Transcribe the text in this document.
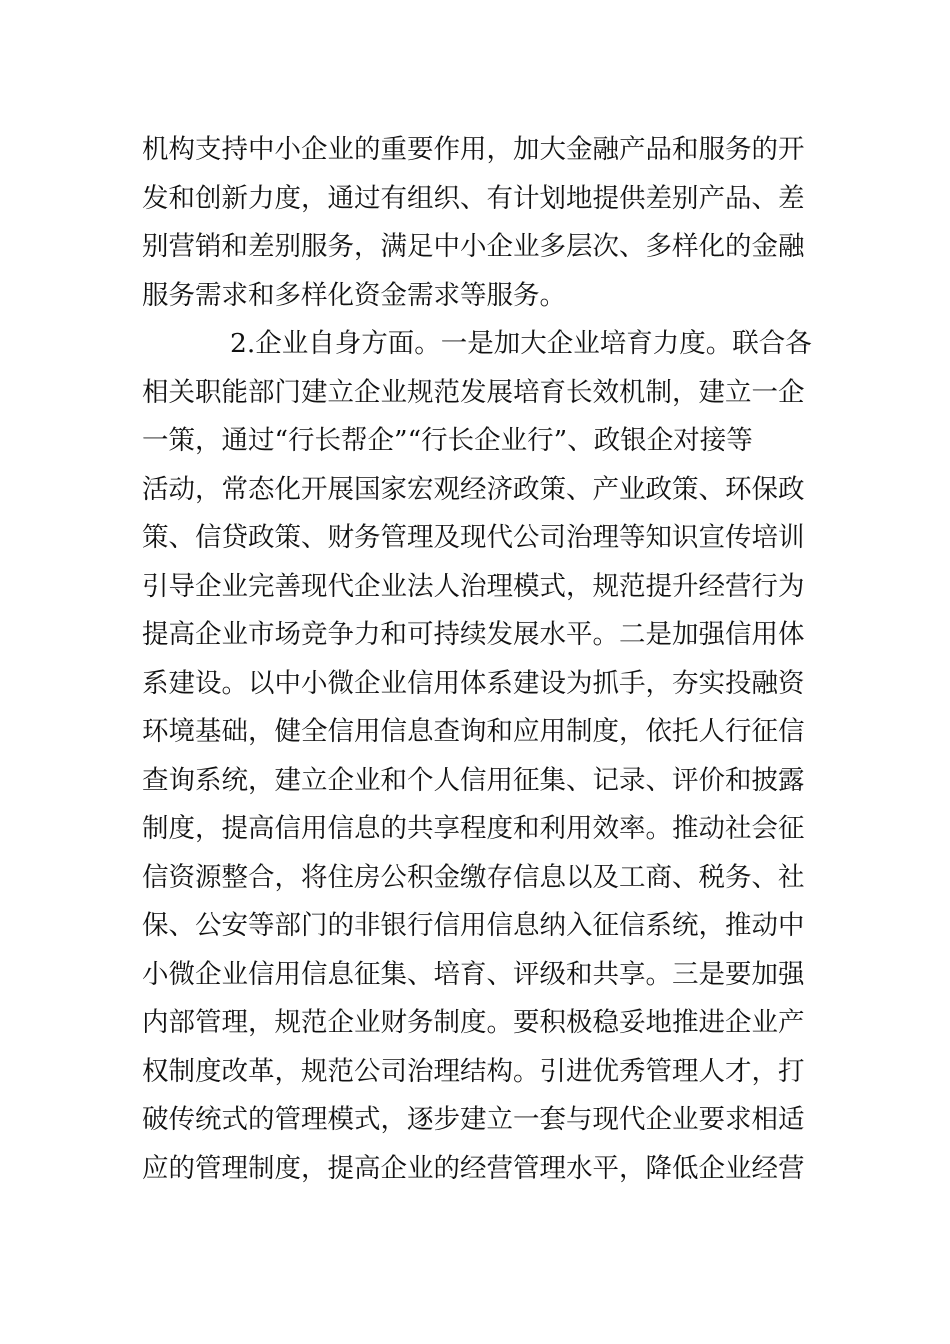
机构支持中小企业的重要作用，加大金融产品和服务的开
发和创新力度，通过有组织、有计划地提供差别产品、差
别营销和差别服务，满足中小企业多层次、多样化的金融
服务需求和多样化资金需求等服务。
2.企业自身方面。一是加大企业培育力度。联合各
相关职能部门建立企业规范发展培育长效机制，建立一企
一策，通过“行长帮企”“行长企业行”、政银企对接等
活动，常态化开展国家宏观经济政策、产业政策、环保政
策、信贷政策、财务管理及现代公司治理等知识宣传培训
引导企业完善现代企业法人治理模式，规范提升经营行为
提高企业市场竞争力和可持续发展水平。二是加强信用体
系建设。以中小微企业信用体系建设为抓手，夯实投融资
环境基础，健全信用信息查询和应用制度，依托人行征信
查询系统，建立企业和个人信用征集、记录、评价和披露
制度，提高信用信息的共享程度和利用效率。推动社会征
信资源整合，将住房公积金缴存信息以及工商、税务、社
保、公安等部门的非银行信用信息纳入征信系统，推动中
小微企业信用信息征集、培育、评级和共享。三是要加强
内部管理，规范企业财务制度。要积极稳妥地推进企业产
权制度改革，规范公司治理结构。引进优秀管理人才，打
破传统式的管理模式，逐步建立一套与现代企业要求相适
应的管理制度，提高企业的经营管理水平，降低企业经营
